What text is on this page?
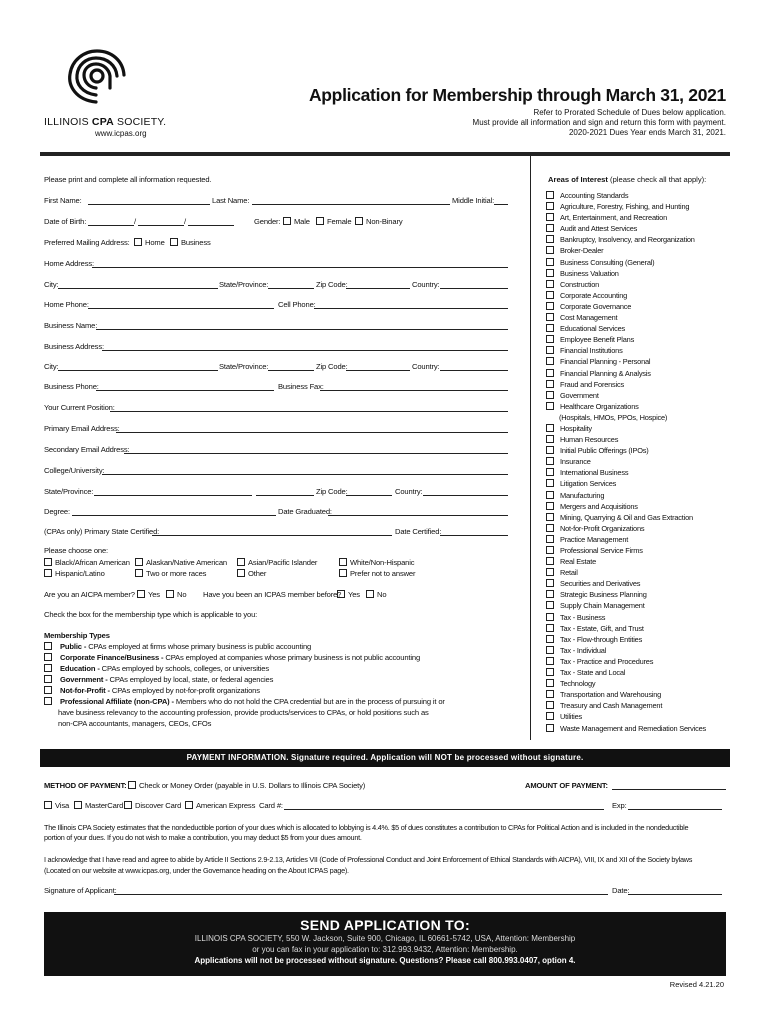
ILLINOIS CPA SOCIETY.
www.icpas.org
Application for Membership through March 31, 2021
Refer to Prorated Schedule of Dues below application.
Must provide all information and sign and return this form with payment.
2020-2021 Dues Year ends March 31, 2021.
Please print and complete all information requested.
First Name:	Last Name:	Middle Initial:
Date of Birth:	/	/	Gender:	Male	Female	Non-Binary
Preferred Mailing Address:	Home	Business
Home Address:
City:	State/Province:	Zip Code:	Country:
Home Phone:	Cell Phone:
Business Name:
Business Address:
City:	State/Province:	Zip Code:	Country:
Business Phone:	Business Fax:
Your Current Position:
Primary Email Address:
Secondary Email Address:
College/University:
State/Province:	Zip Code:	Country:
Degree:	Date Graduated:
(CPAs only) Primary State Certified:	Date Certified:
Please choose one:
Black/African American	Alaskan/Native American	Asian/Pacific Islander	White/Non-Hispanic
Hispanic/Latino	Two or more races	Other	Prefer not to answer
Are you an AICPA member?	Yes	No Have you been an ICPAS member before? Yes	No
Check the box for the membership type which is applicable to you:
Membership Types
Public - CPAs employed at firms whose primary business is public accounting
Corporate Finance/Business - CPAs employed at companies whose primary business is not public accounting
Education - CPAs employed by schools, colleges, or universities
Government - CPAs employed by local, state, or federal agencies
Not-for-Profit - CPAs employed by not-for-profit organizations
Professional Affiliate (non-CPA) - Members who do not hold the CPA credential but are in the process of pursuing it or
have business relevancy to the accounting profession, provide products/services to CPAs, or hold positions such as
non-CPA accountants, managers, CEOs, CFOs
Areas of Interest (please check all that apply):
Accounting Standards
Agriculture, Forestry, Fishing, and Hunting
Art, Entertainment, and Recreation
Audit and Attest Services
Bankruptcy, Insolvency, and Reorganization
Broker-Dealer
Business Consulting (General)
Business Valuation
Construction
Corporate Accounting
Corporate Governance
Cost Management
Educational Services
Employee Benefit Plans
Financial Institutions
Financial Planning - Personal
Financial Planning & Analysis
Fraud and Forensics
Government
Healthcare Organizations
(Hospitals, HMOs, PPOs, Hospice)
Hospitality
Human Resources
Initial Public Offerings (IPOs)
Insurance
International Business
Litigation Services
Manufacturing
Mergers and Acquisitions
Mining, Quarrying & Oil and Gas Extraction
Not-for-Profit Organizations
Practice Management
Professional Service Firms
Real Estate
Retail
Securities and Derivatives
Strategic Business Planning
Supply Chain Management
Tax - Business
Tax - Estate, Gift, and Trust
Tax - Flow-through Entities
Tax - Individual
Tax - Practice and Procedures
Tax - State and Local
Technology
Transportation and Warehousing
Treasury and Cash Management
Utilities
Waste Management and Remediation Services
PAYMENT INFORMATION. Signature required. Application will NOT be processed without signature.
METHOD OF PAYMENT:	Check or Money Order (payable in U.S. Dollars to Illinois CPA Society)	AMOUNT OF PAYMENT:
Visa	MasterCard	Discover Card	American Express Card #:	Exp:
The Illinois CPA Society estimates that the nondeductible portion of your dues which is allocated to lobbying is 4.4%. $5 of dues constitutes a contribution to CPAs for Political Action and is included in the nondeductible
portion of your dues. If you do not wish to make a contribution, you may deduct $5 from your dues amount.
I acknowledge that I have read and agree to abide by Article II Sections 2.9-2.13, Articles VII (Code of Professional Conduct and Joint Enforcement of Ethical Standards with AICPA), VIII, IX and XII of the Society bylaws
(Located on our website at www.icpas.org, under the Governance heading on the About ICPAS page).
Signature of Applicant:	Date:
SEND APPLICATION TO:
ILLINOIS CPA SOCIETY, 550 W. Jackson, Suite 900, Chicago, IL 60661-5742, USA, Attention: Membership
or you can fax in your application to: 312.993.9432, Attention: Membership.
Applications will not be processed without signature. Questions? Please call 800.993.0407, option 4.
Revised 4.21.20
